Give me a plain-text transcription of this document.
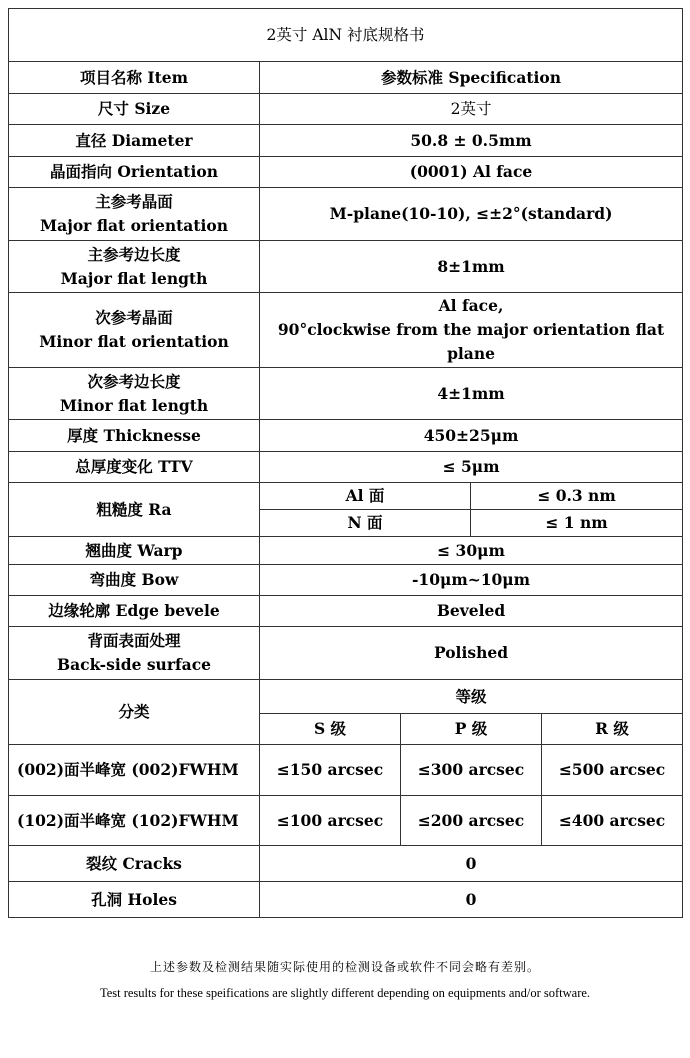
2英寸 AlN 衬底规格书				
项目名称 Item	参数标准 Specification			
尺寸 Size	2英寸			
直径 Diameter	50.8 ± 0.5mm			
晶面指向 Orientation	(0001) Al face			

主参考晶面
Major flat orientation	M-plane(10-10), ≤±2°(standard)			

主参考边长度
Major flat length	8±1mm			

次参考晶面
Minor flat orientation	Al face,
90°clockwise from the major orientation flat plane			

次参考边长度
Minor flat length	4±1mm			
厚度 Thicknesse	450±25μm			
总厚度变化 TTV	≤ 5μm			
粗糙度 Ra	Al 面		≤ 0.3 nm	
	N 面		≤ 1 nm	
翘曲度 Warp	≤ 30μm			
弯曲度 Bow	-10μm~10μm			
边缘轮廓 Edge bevele	Beveled			

背面表面处理
Back-side surface	Polished			
分类	等级			
	S 级	P 级		R 级
(002)面半峰宽 (002)FWHM	≤150 arcsec	≤300 arcsec		≤500 arcsec
(102)面半峰宽 (102)FWHM	≤100 arcsec	≤200 arcsec		≤400 arcsec
裂纹 Cracks	0			
孔洞 Holes	0			
上述参数及检测结果随实际使用的检测设备或软件不同会略有差别。
Test results for these speifications are slightly different depending on equipments and/or software.
